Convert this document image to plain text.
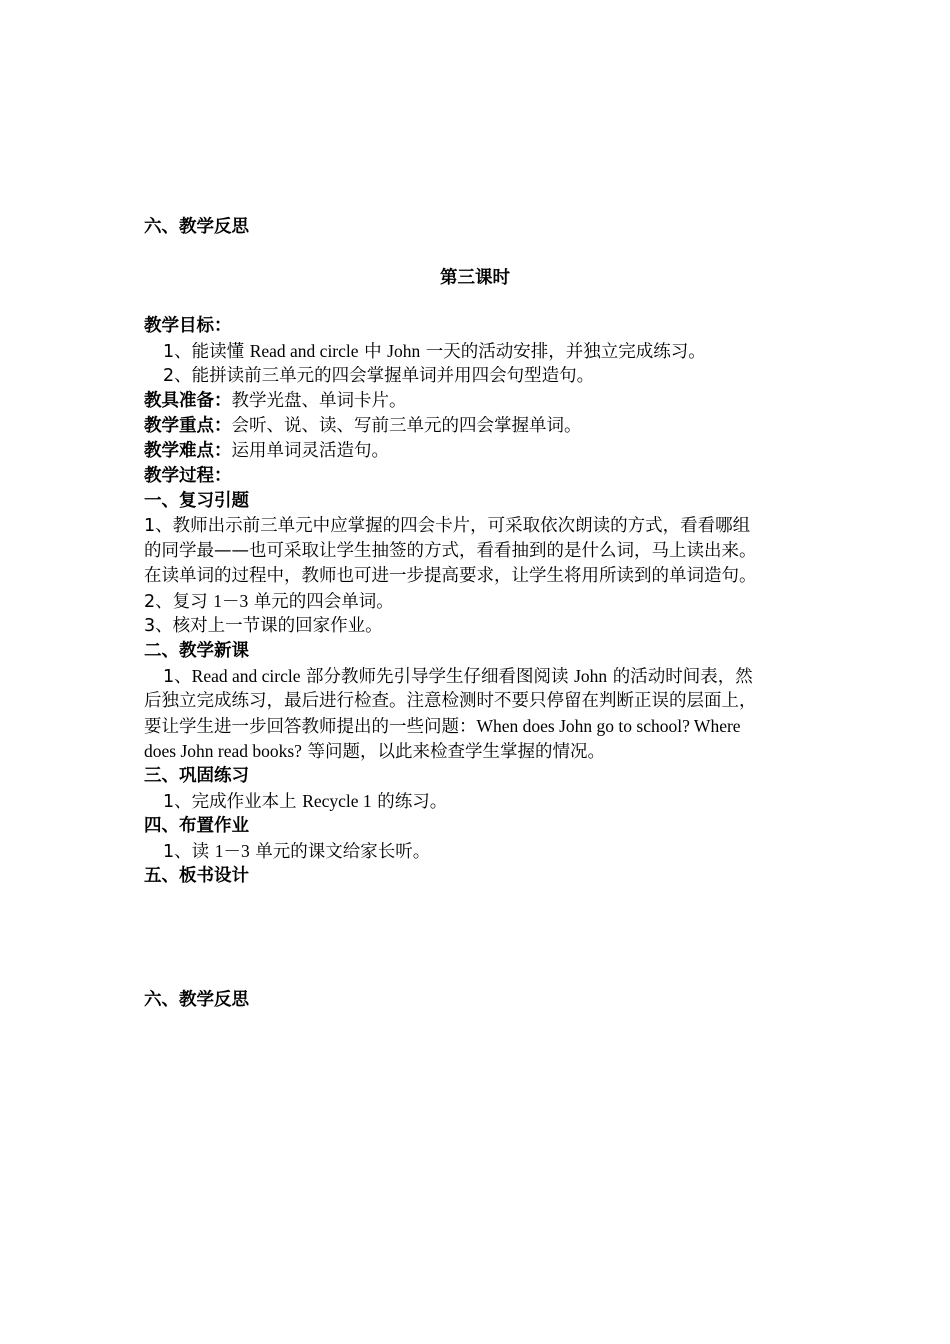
六、教学反思
第三课时
教学目标：
1、能读懂 Read and circle 中 John 一天的活动安排，并独立完成练习。
2、能拼读前三单元的四会掌握单词并用四会句型造句。
教具准备：教学光盘、单词卡片。
教学重点：会听、说、读、写前三单元的四会掌握单词。
教学难点：运用单词灵活造句。
教学过程：
一、复习引题
1、教师出示前三单元中应掌握的四会卡片，可采取依次朗读的方式，看看哪组
的同学最——也可采取让学生抽签的方式，看看抽到的是什么词，马上读出来。
在读单词的过程中，教师也可进一步提高要求，让学生将用所读到的单词造句。
2、复习 1－3 单元的四会单词。
3、核对上一节课的回家作业。
二、教学新课
1、Read and circle 部分教师先引导学生仔细看图阅读 John 的活动时间表，然
后独立完成练习，最后进行检查。注意检测时不要只停留在判断正误的层面上，
要让学生进一步回答教师提出的一些问题：When does John go to school? Where
does John read books? 等问题，以此来检查学生掌握的情况。
三、巩固练习
1、完成作业本上 Recycle 1 的练习。
四、布置作业
1、读 1－3 单元的课文给家长听。
五、板书设计
六、教学反思
